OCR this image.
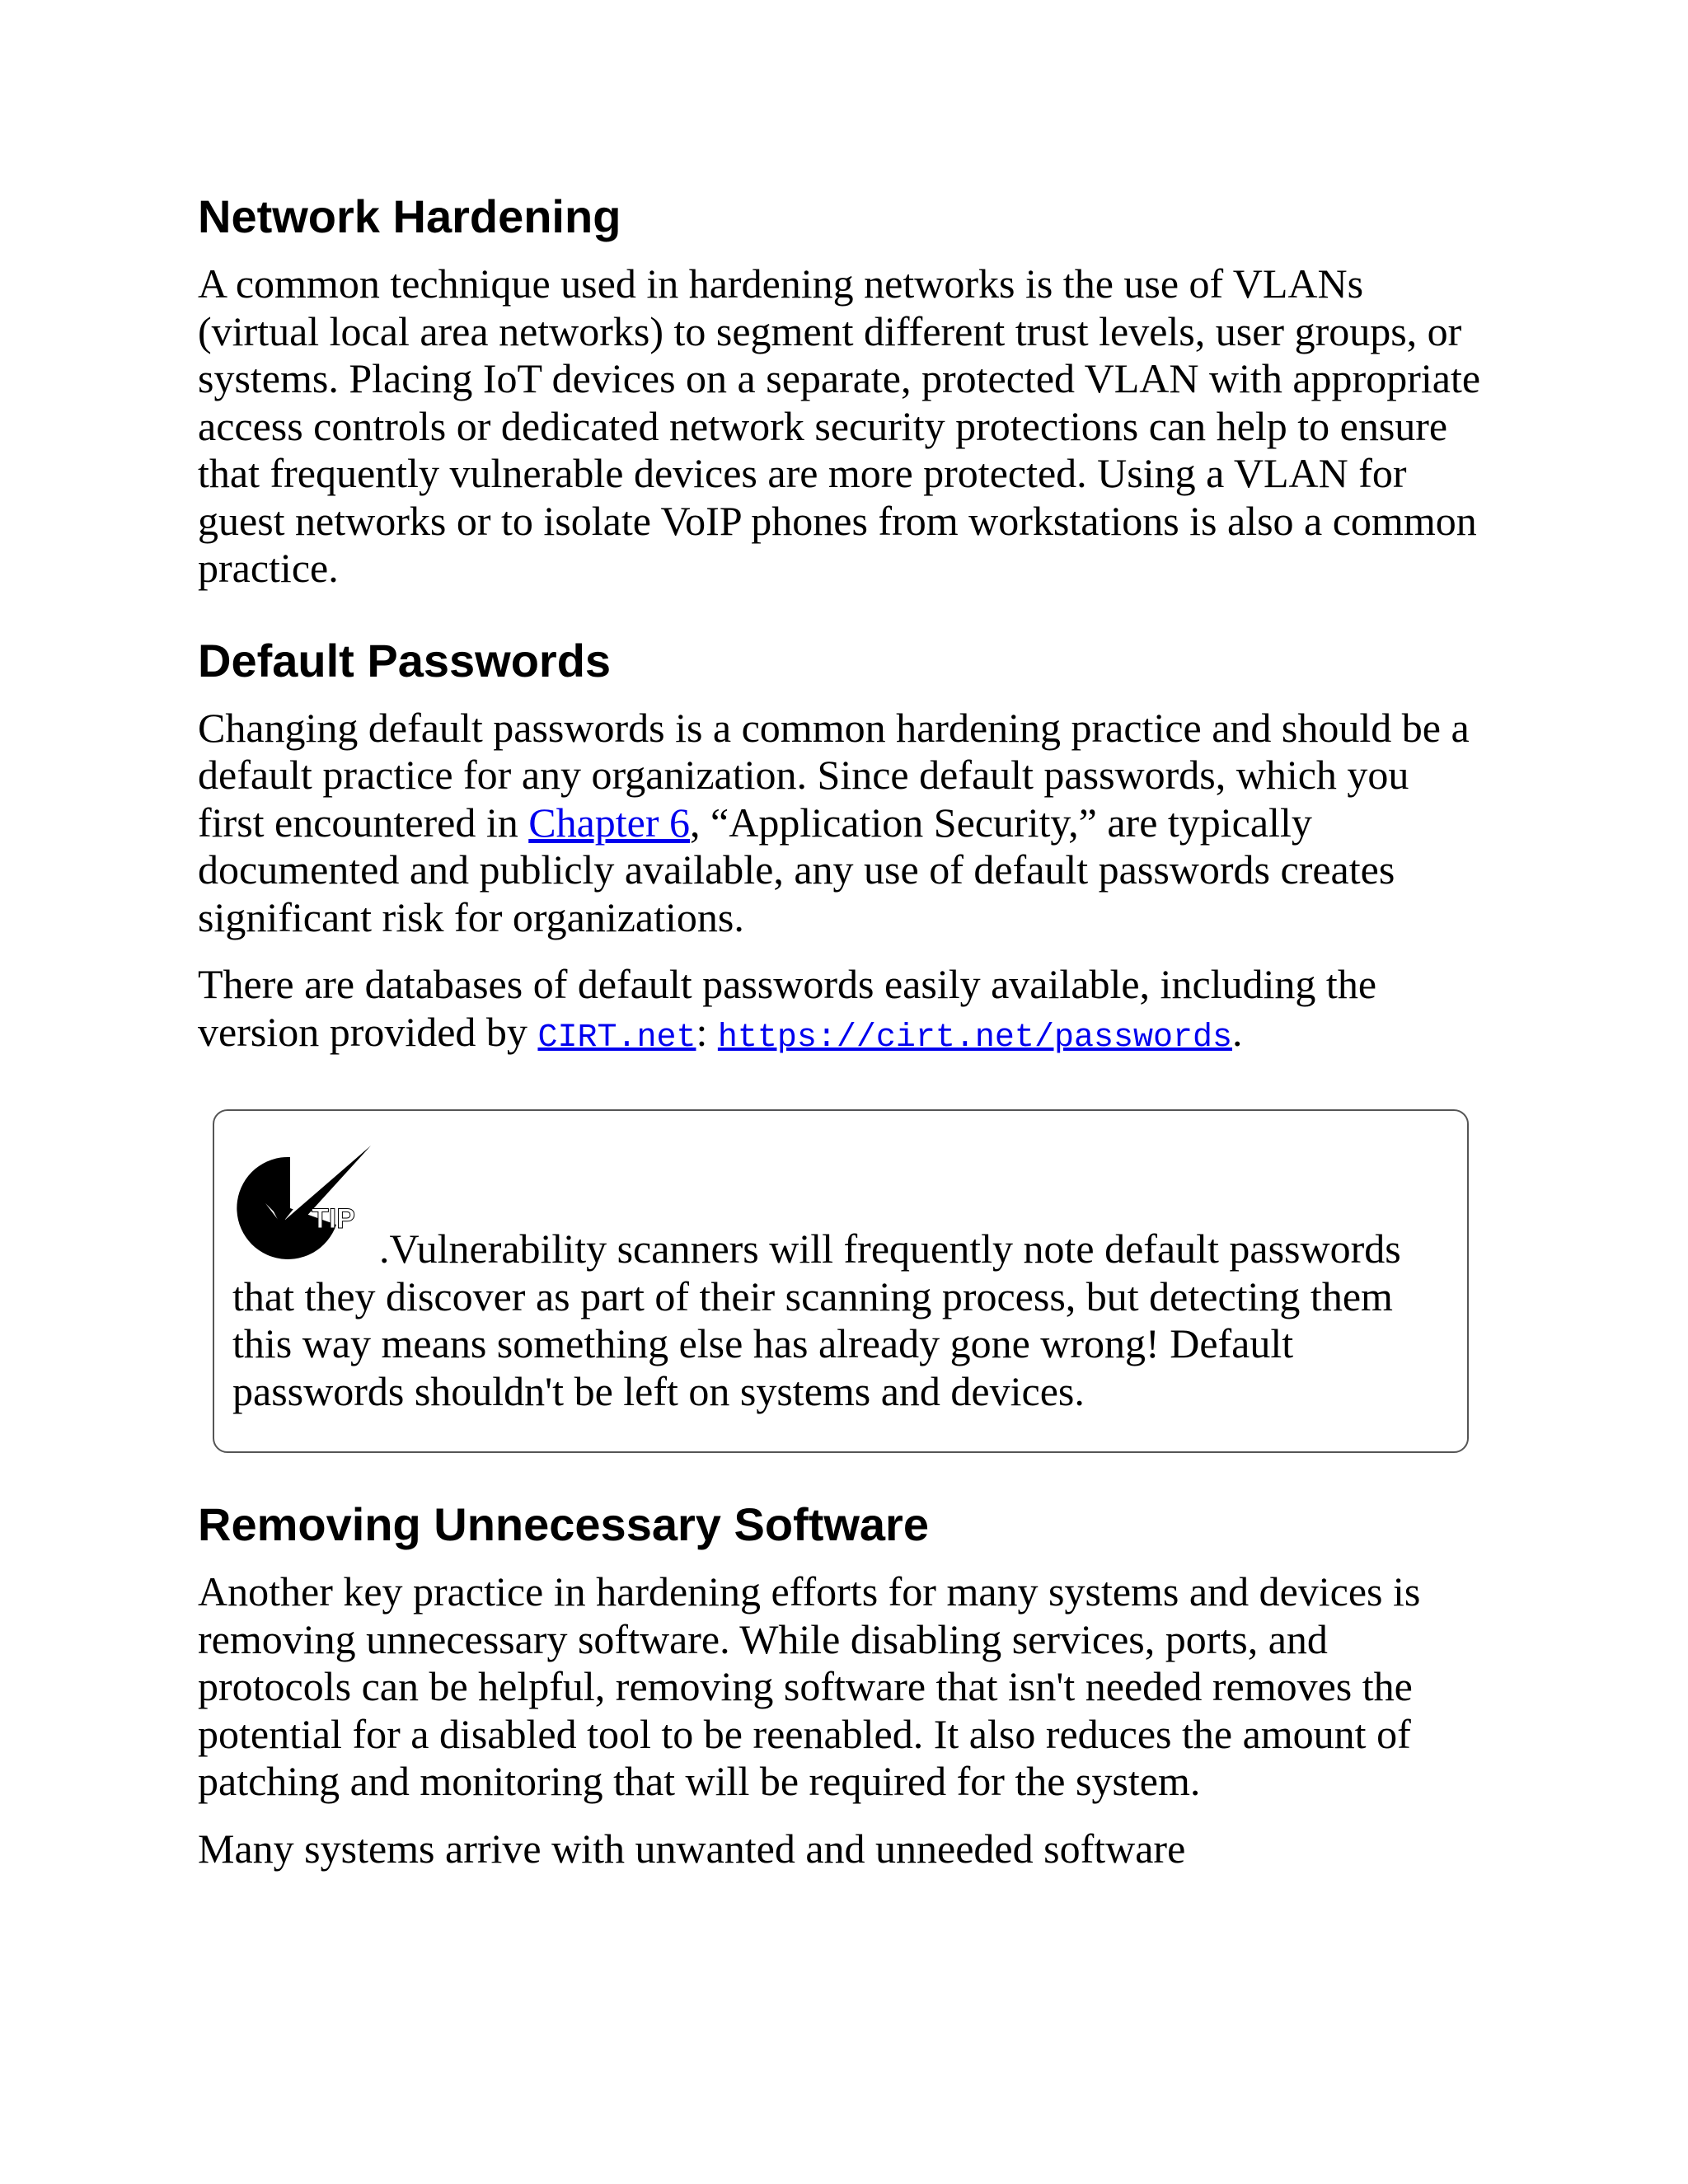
Network Hardening

A common technique used in hardening networks is the use of VLANs (virtual local area networks) to segment different trust levels, user groups, or systems. Placing IoT devices on a separate, protected VLAN with appropriate access controls or dedicated network security protections can help to ensure that frequently vulnerable devices are more protected. Using a VLAN for guest networks or to isolate VoIP phones from workstations is also a common practice.

Default Passwords

Changing default passwords is a common hardening practice and should be a default practice for any organization. Since default passwords, which you first encountered in Chapter 6, “Application Security,” are typically documented and publicly available, any use of default passwords creates significant risk for organizations.

There are databases of default passwords easily available, including the version provided by CIRT.net: https://cirt.net/passwords.

TIP
.Vulnerability scanners will frequently note default passwords that they discover as part of their scanning process, but detecting them this way means something else has already gone wrong! Default passwords shouldn't be left on systems and devices.

Removing Unnecessary Software

Another key practice in hardening efforts for many systems and devices is removing unnecessary software. While disabling services, ports, and protocols can be helpful, removing software that isn't needed removes the potential for a disabled tool to be reenabled. It also reduces the amount of patching and monitoring that will be required for the system.

Many systems arrive with unwanted and unneeded software
